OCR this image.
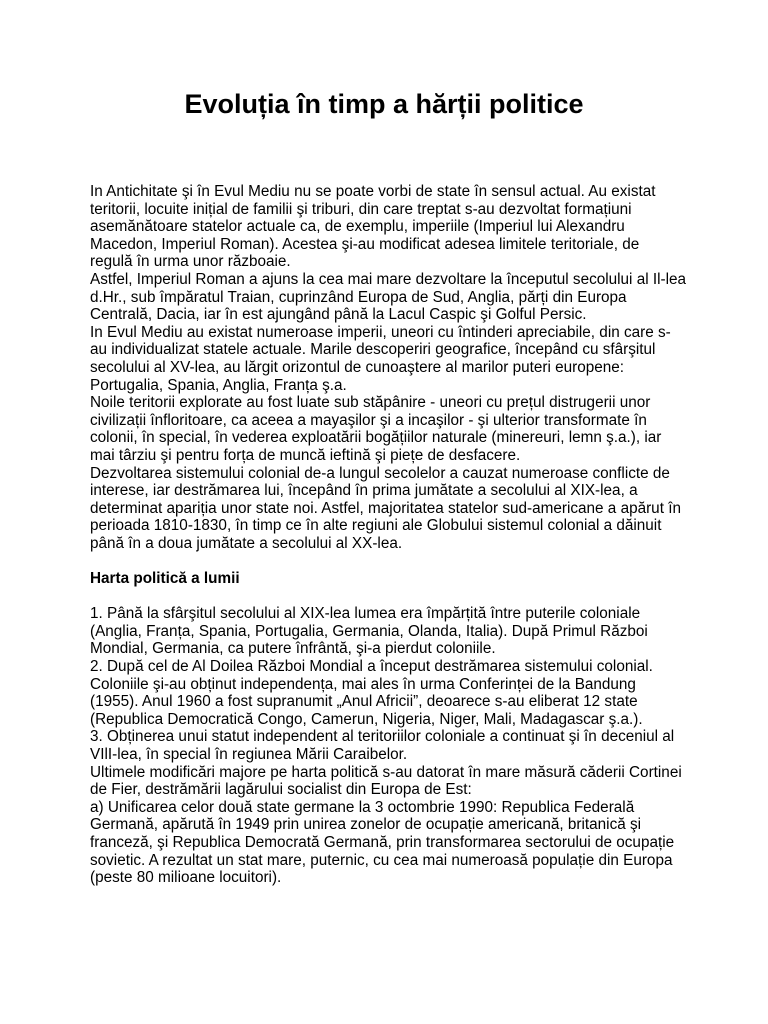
Evoluția în timp a hărții politice
In Antichitate şi în Evul Mediu nu se poate vorbi de state în sensul actual. Au existat
teritorii, locuite inițial de familii şi triburi, din care treptat s-au dezvoltat formațiuni
asemănătoare statelor actuale ca, de exemplu, imperiile (Imperiul lui Alexandru
Macedon, Imperiul Roman). Acestea şi-au modificat adesea limitele teritoriale, de
regulă în urma unor războaie.
Astfel, Imperiul Roman a ajuns la cea mai mare dezvoltare la începutul secolului al Il-lea
d.Hr., sub împăratul Traian, cuprinzând Europa de Sud, Anglia, părți din Europa
Centrală, Dacia, iar în est ajungând până la Lacul Caspic şi Golful Persic.
In Evul Mediu au existat numeroase imperii, uneori cu întinderi apreciabile, din care s-
au individualizat statele actuale. Marile descoperiri geografice, începând cu sfârşitul
secolului al XV-lea, au lărgit orizontul de cunoaştere al marilor puteri europene:
Portugalia, Spania, Anglia, Franța ş.a.
Noile teritorii explorate au fost luate sub stăpânire - uneori cu prețul distrugerii unor
civilizații înfloritoare, ca aceea a mayaşilor şi a incaşilor - şi ulterior transformate în
colonii, în special, în vederea exploatării bogățiilor naturale (minereuri, lemn ş.a.), iar
mai târziu şi pentru forța de muncă ieftină şi piețe de desfacere.
Dezvoltarea sistemului colonial de-a lungul secolelor a cauzat numeroase conflicte de
interese, iar destrămarea lui, începând în prima jumătate a secolului al XIX-lea, a
determinat apariția unor state noi. Astfel, majoritatea statelor sud-americane a apărut în
perioada 1810-1830, în timp ce în alte regiuni ale Globului sistemul colonial a dăinuit
până în a doua jumătate a secolului al XX-lea.
Harta politică a lumii
1. Până la sfârşitul secolului al XIX-lea lumea era împărțită între puterile coloniale
(Anglia, Franța, Spania, Portugalia, Germania, Olanda, Italia). După Primul Război
Mondial, Germania, ca putere înfrântă, şi-a pierdut coloniile.
2. După cel de Al Doilea Război Mondial a început destrămarea sistemului colonial.
Coloniile şi-au obținut independența, mai ales în urma Conferinței de la Bandung
(1955). Anul 1960 a fost supranumit „Anul Africii”, deoarece s-au eliberat 12 state
(Republica Democratică Congo, Camerun, Nigeria, Niger, Mali, Madagascar ş.a.).
3. Obținerea unui statut independent al teritoriilor coloniale a continuat şi în deceniul al
VIlI-lea, în special în regiunea Mării Caraibelor.
Ultimele modificări majore pe harta politică s-au datorat în mare măsură căderii Cortinei
de Fier, destrămării lagărului socialist din Europa de Est:
a) Unificarea celor două state germane la 3 octombrie 1990: Republica Federală
Germană, apărută în 1949 prin unirea zonelor de ocupație americană, britanică şi
franceză, şi Republica Democrată Germană, prin transformarea sectorului de ocupație
sovietic. A rezultat un stat mare, puternic, cu cea mai numeroasă populație din Europa
(peste 80 milioane locuitori).
